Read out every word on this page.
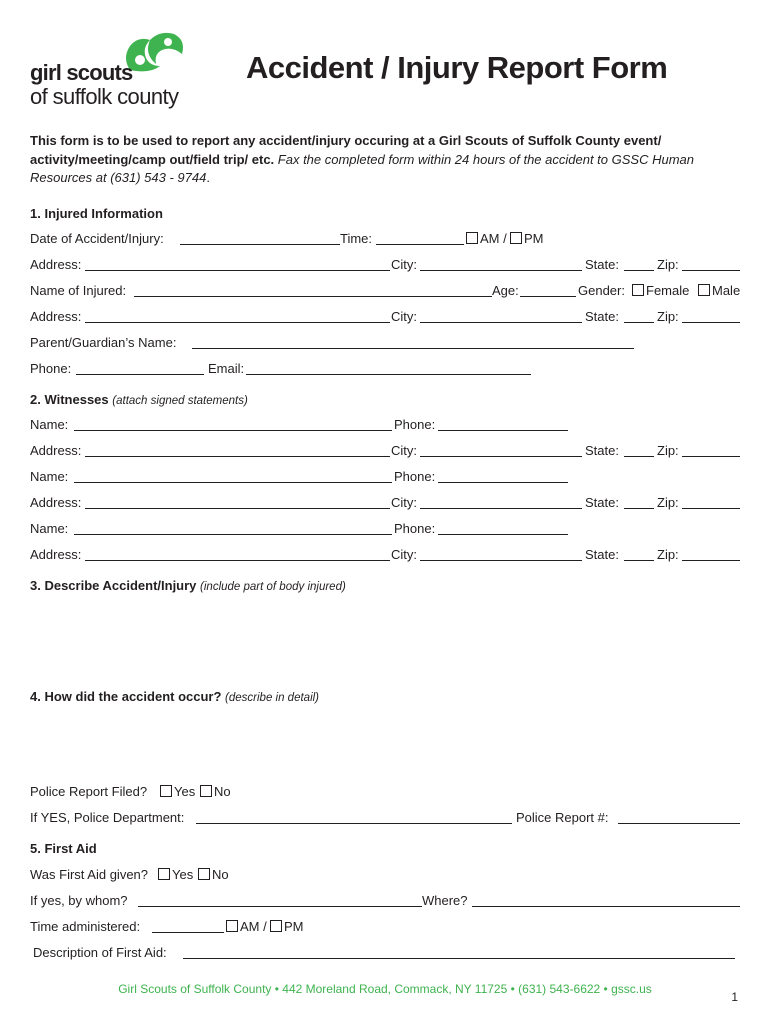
girl scouts
of suffolk county
Accident / Injury Report Form
This form is to be used to report any accident/injury occuring at a Girl Scouts of Suffolk County event/ activity/meeting/camp out/field trip/ etc. Fax the completed form within 24 hours of the accident to GSSC Human Resources at (631) 543 - 9744.
1. Injured Information
Date of Accident/Injury:	Time:	AM /	PM
Address:	City:	State:	Zip:
Name of Injured:	Age:	Gender:	Female	Male
Address:	City:	State:	Zip:
Parent/Guardian’s Name:
Phone:	Email:
2. Witnesses (attach signed statements)
Name:	Phone:
Address:	City:	State:	Zip:
Name:	Phone:
Address:	City:	State:	Zip:
Name:	Phone:
Address:	City:	State:	Zip:
3. Describe Accident/Injury (include part of body injured)
4. How did the accident occur? (describe in detail)
Police Report Filed?	Yes	No
If YES, Police Department:	Police Report #:
5. First Aid
Was First Aid given?	Yes	No
If yes, by whom?	Where?
Time administered:	AM /	PM
Description of First Aid:
Girl Scouts of Suffolk County • 442 Moreland Road, Commack, NY 11725 • (631) 543-6622 • gssc.us
1
